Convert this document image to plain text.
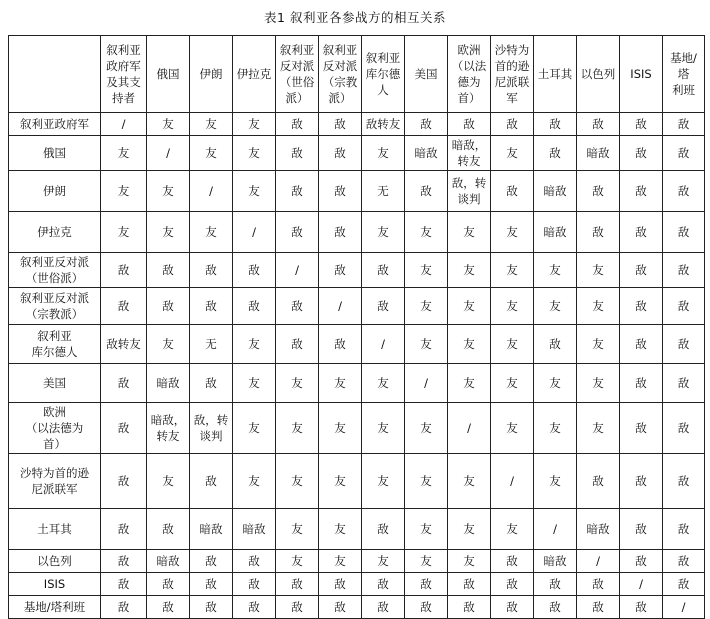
表1 叙利亚各参战方的相互关系
	叙利亚
政府军
及其支
持者	俄国	伊朗	伊拉克	叙利亚
反对派
（世俗
派）	叙利亚
反对派
（宗教
派）	叙利亚
库尔德
人	美国	欧洲
（以法
德为
首）	沙特为
首的逊
尼派联
军	土耳其	以色列	ISIS	基地/塔
利班
叙利亚政府军	/	友	友	友	敌	敌	敌转友	敌	敌	敌	敌	敌	敌	敌
俄国	友	/	友	友	敌	敌	友	暗敌	暗敌，
转友	友	敌	暗敌	敌	敌
伊朗	友	友	/	友	敌	敌	无	敌	敌，转
谈判	敌	暗敌	敌	敌	敌
伊拉克	友	友	友	/	敌	敌	友	友	友	友	暗敌	敌	敌	敌
叙利亚反对派
（世俗派）	敌	敌	敌	敌	/	敌	敌	友	友	友	友	友	敌	敌
叙利亚反对派
（宗教派）	敌	敌	敌	敌	敌	/	敌	友	友	友	友	友	敌	敌
叙利亚
库尔德人	敌转友	友	无	友	敌	敌	/	友	友	友	敌	友	敌	敌
美国	敌	暗敌	敌	友	友	友	友	/	友	友	友	友	敌	敌
欧洲
（以法德为
首）	敌	暗敌，
转友	敌，转
谈判	友	友	友	友	友	/	友	友	友	敌	敌
沙特为首的逊
尼派联军	敌	友	敌	友	友	友	友	友	友	/	友	敌	敌	敌
土耳其	敌	敌	暗敌	暗敌	友	友	敌	友	友	友	/	暗敌	敌	敌
以色列	敌	暗敌	敌	敌	友	友	友	友	友	敌	暗敌	/	敌	敌
ISIS	敌	敌	敌	敌	敌	敌	敌	敌	敌	敌	敌	敌	/	敌
基地/塔利班	敌	敌	敌	敌	敌	敌	敌	敌	敌	敌	敌	敌	敌	/
